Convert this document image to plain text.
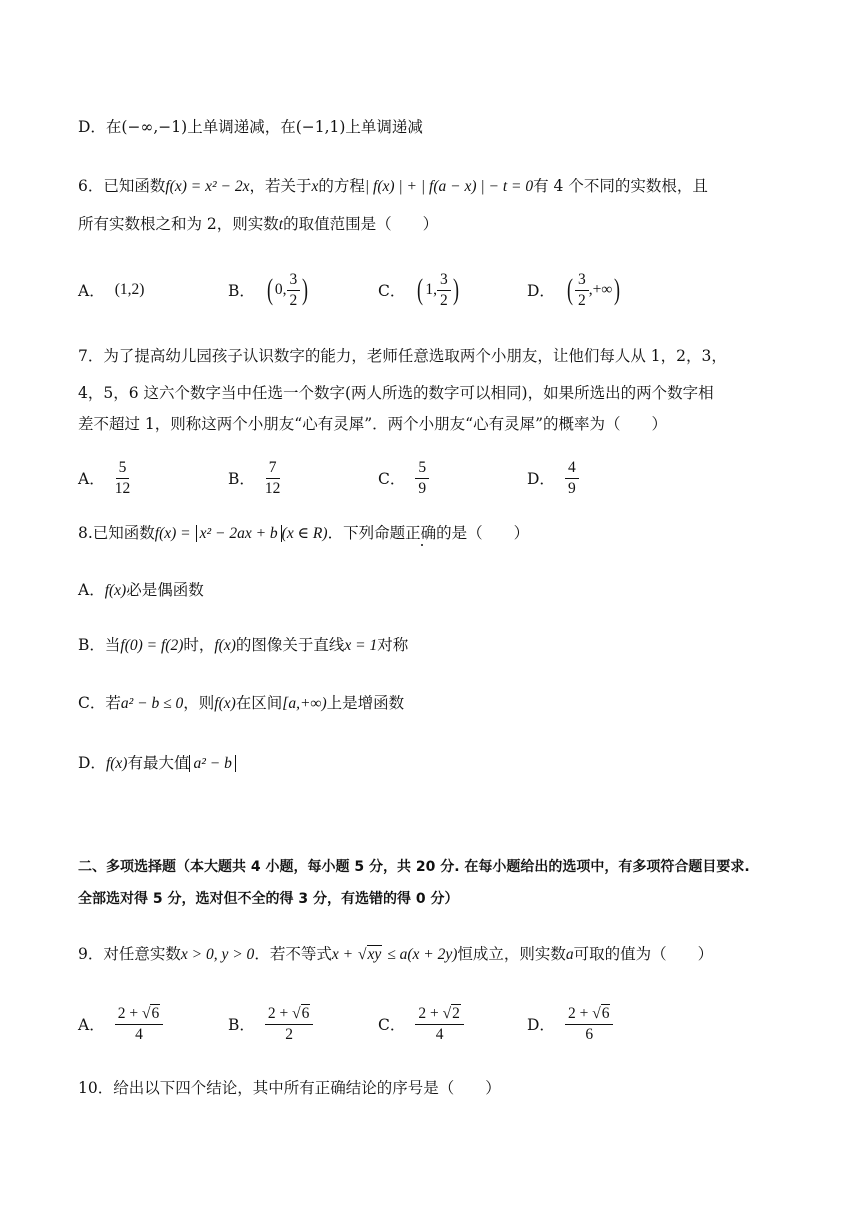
D．在(−∞,−1)上单调递减，在(−1,1)上单调递减
6．已知函数f(x) = x² − 2x，若关于x的方程| f(x) | + | f(a − x) | − t = 0有 4 个不同的实数根，且
所有实数根之和为 2，则实数t的取值范围是（　　）
A． (1,2)	B． ( 0, $\frac{3}{2}$ )	C． ( 1, $\frac{3}{2}$ )	D． ( $\frac{3}{2}$ ,+∞ )
7．为了提高幼儿园孩子认识数字的能力，老师任意选取两个小朋友，让他们每人从 1，2，3，
4，5，6 这六个数字当中任选一个数字(两人所选的数字可以相同)，如果所选出的两个数字相
差不超过 1，则称这两个小朋友“心有灵犀”．两个小朋友“心有灵犀”的概率为（　　）
A． $\frac{5}{12}$	B． $\frac{7}{12}$	C． $\frac{5}{9}$	D． $\frac{4}{9}$
8.已知函数f(x) = x² − 2ax + b (x ∈ R)．下列命题正确的是（　　）
A．f(x)必是偶函数
B．当f(0) = f(2)时，f(x)的图像关于直线x = 1对称
C．若a² − b ≤ 0，则f(x)在区间[a,+∞)上是增函数
D．f(x)有最大值 a² − b
二、多项选择题（本大题共 4 小题，每小题 5 分，共 20 分. 在每小题给出的选项中，有多项符合题目要求.
全部选对得 5 分，选对但不全的得 3 分，有选错的得 0 分）
9．对任意实数x > 0, y > 0．若不等式x + √xy ≤ a(x + 2y)恒成立，则实数a可取的值为（　　）
A． $\frac{2 + √6}{4}$	B． $\frac{2 + √6}{2}$	C． $\frac{2 + √2}{4}$	D． $\frac{2 + √6}{6}$
10．给出以下四个结论，其中所有正确结论的序号是（　　）
